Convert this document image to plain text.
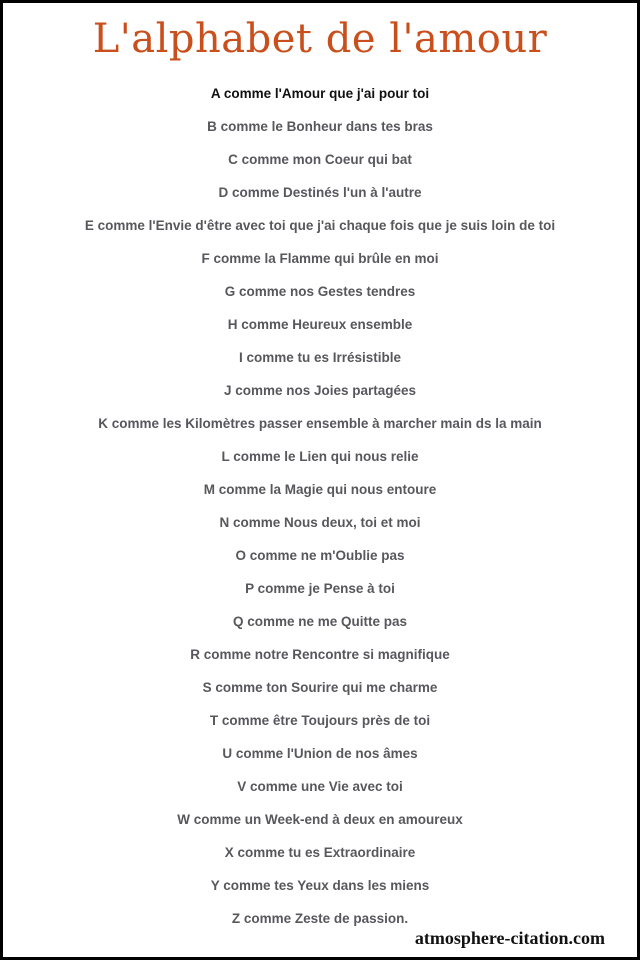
L'alphabet de l'amour
A comme l'Amour que j'ai pour toi
B comme le Bonheur dans tes bras
C comme mon Coeur qui bat
D comme Destinés l'un à l'autre
E comme l'Envie d'être avec toi que j'ai chaque fois que je suis loin de toi
F comme la Flamme qui brûle en moi
G comme nos Gestes tendres
H comme Heureux ensemble
I comme tu es Irrésistible
J comme nos Joies partagées
K comme les Kilomètres passer ensemble à marcher main ds la main
L comme le Lien qui nous relie
M comme la Magie qui nous entoure
N comme Nous deux, toi et moi
O comme ne m'Oublie pas
P comme je Pense à toi
Q comme ne me Quitte pas
R comme notre Rencontre si magnifique
S comme ton Sourire qui me charme
T comme être Toujours près de toi
U comme l'Union de nos âmes
V comme une Vie avec toi
W comme un Week-end à deux en amoureux
X comme tu es Extraordinaire
Y comme tes Yeux dans les miens
Z comme Zeste de passion.
atmosphere-citation.com
